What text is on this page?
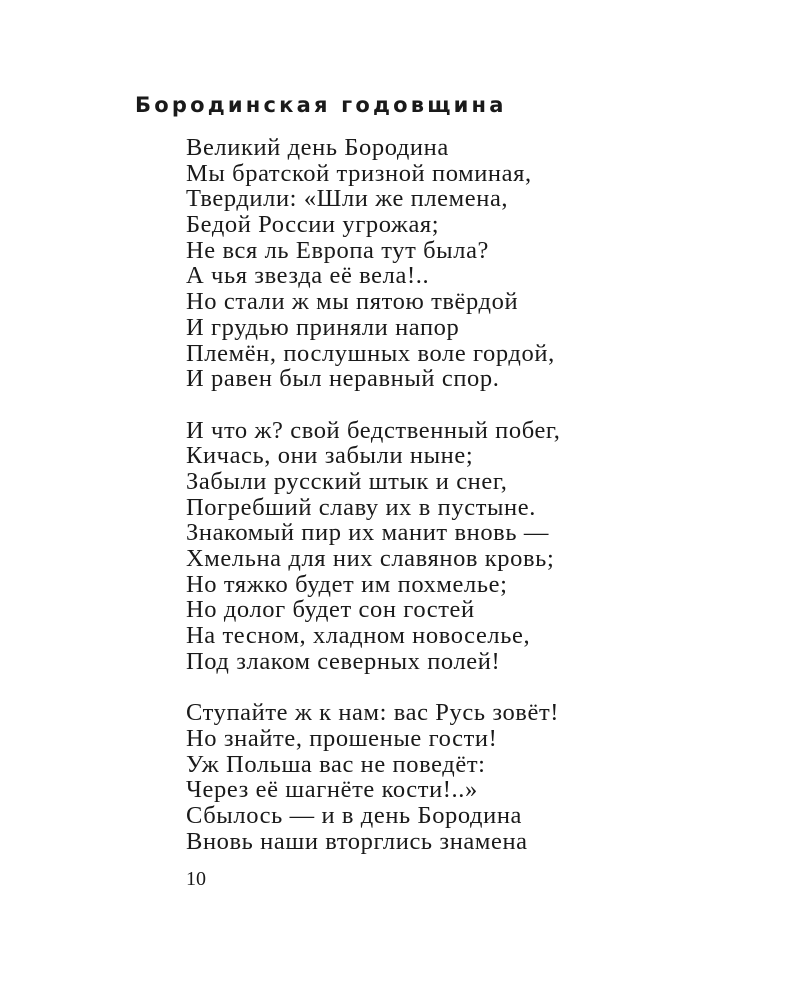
Бородинская годовщина
Великий день Бородина
Мы братской тризной поминая,
Твердили: «Шли же племена,
Бедой России угрожая;
Не вся ль Европа тут была?
А чья звезда её вела!..
Но стали ж мы пятою твёрдой
И грудью приняли напор
Племён, послушных воле гордой,
И равен был неравный спор.
И что ж? свой бедственный побег,
Кичась, они забыли ныне;
Забыли русский штык и снег,
Погребший славу их в пустыне.
Знакомый пир их манит вновь —
Хмельна для них славянов кровь;
Но тяжко будет им похмелье;
Но долог будет сон гостей
На тесном, хладном новоселье,
Под злаком северных полей!
Ступайте ж к нам: вас Русь зовёт!
Но знайте, прошеные гости!
Уж Польша вас не поведёт:
Через её шагнёте кости!..»
Сбылось — и в день Бородина
Вновь наши вторглись знамена
10
